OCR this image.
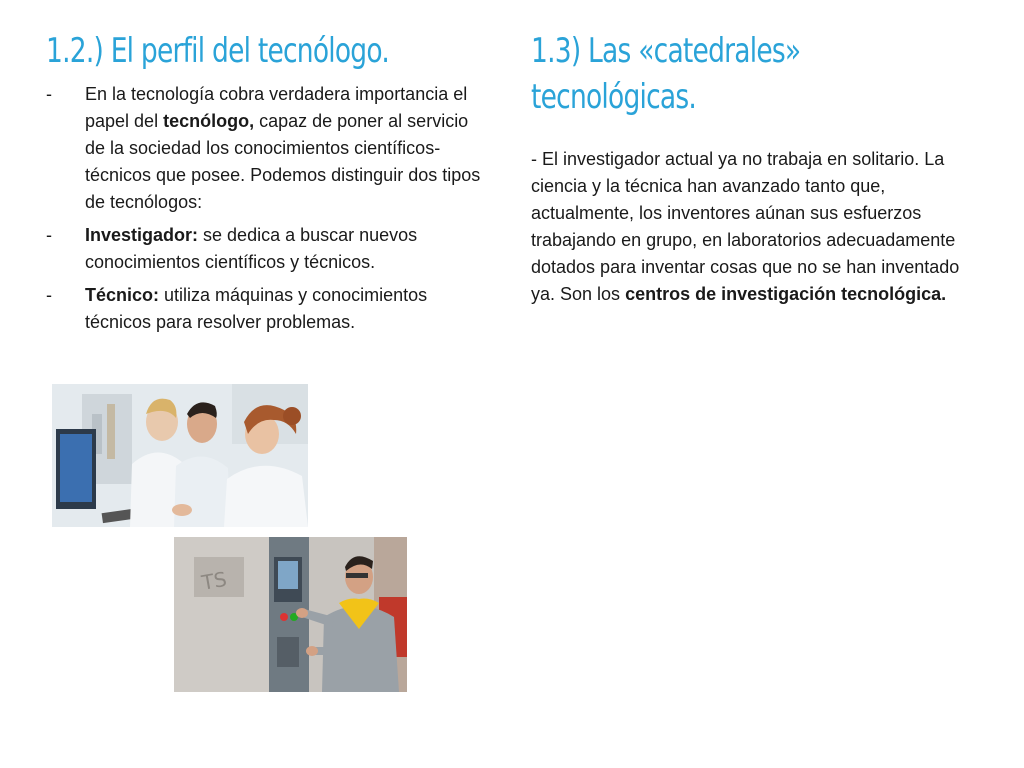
1.2.) El perfil del tecnólogo.
- En la tecnología cobra verdadera importancia el papel del tecnólogo, capaz de poner al servicio de la sociedad los conocimientos científicos-técnicos que posee. Podemos distinguir dos tipos de tecnólogos:
- Investigador: se dedica a buscar nuevos conocimientos científicos y técnicos.
- Técnico: utiliza máquinas y conocimientos técnicos para resolver problemas.
TS
1.3) Las «catedrales»
tecnológicas.

- El investigador actual ya no trabaja en solitario. La ciencia y la técnica han avanzado tanto que, actualmente, los inventores aúnan sus esfuerzos trabajando en grupo, en laboratorios adecuadamente dotados para inventar cosas que no se han inventado ya. Son los centros de investigación tecnológica.
